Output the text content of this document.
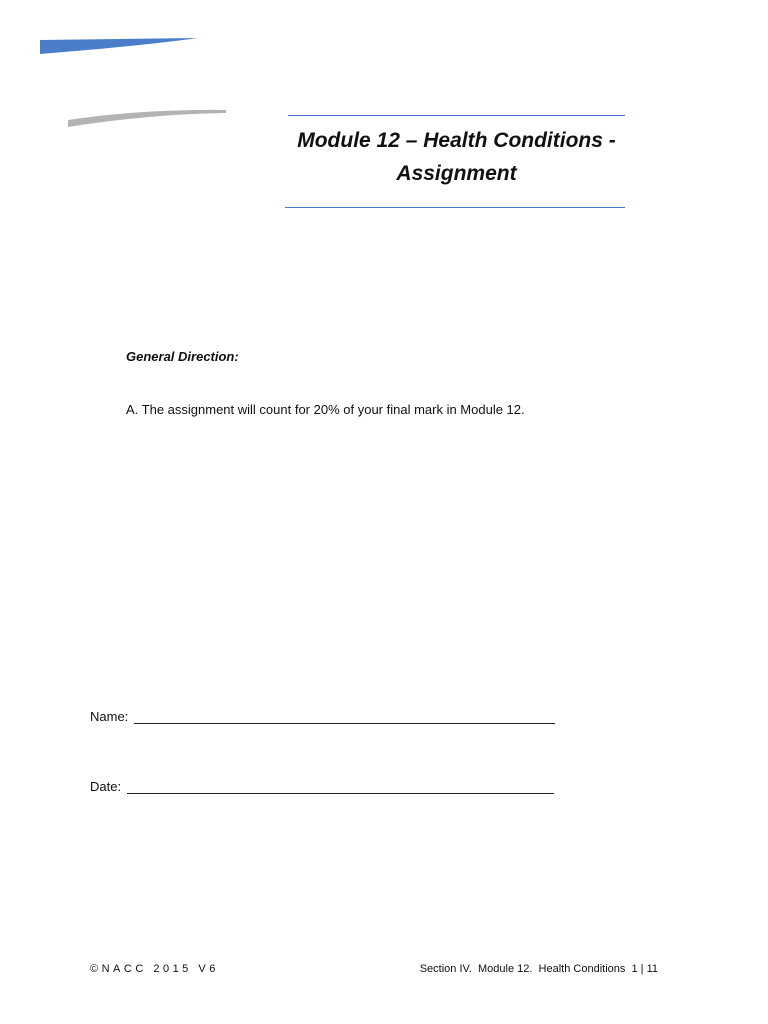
Module 12 – Health Conditions - Assignment
General Direction:
A. The assignment will count for 20% of your final mark in Module 12.
Name:
Date:
©NACC 2015 V6	Section IV.  Module 12.  Health Conditions  1 | 11
